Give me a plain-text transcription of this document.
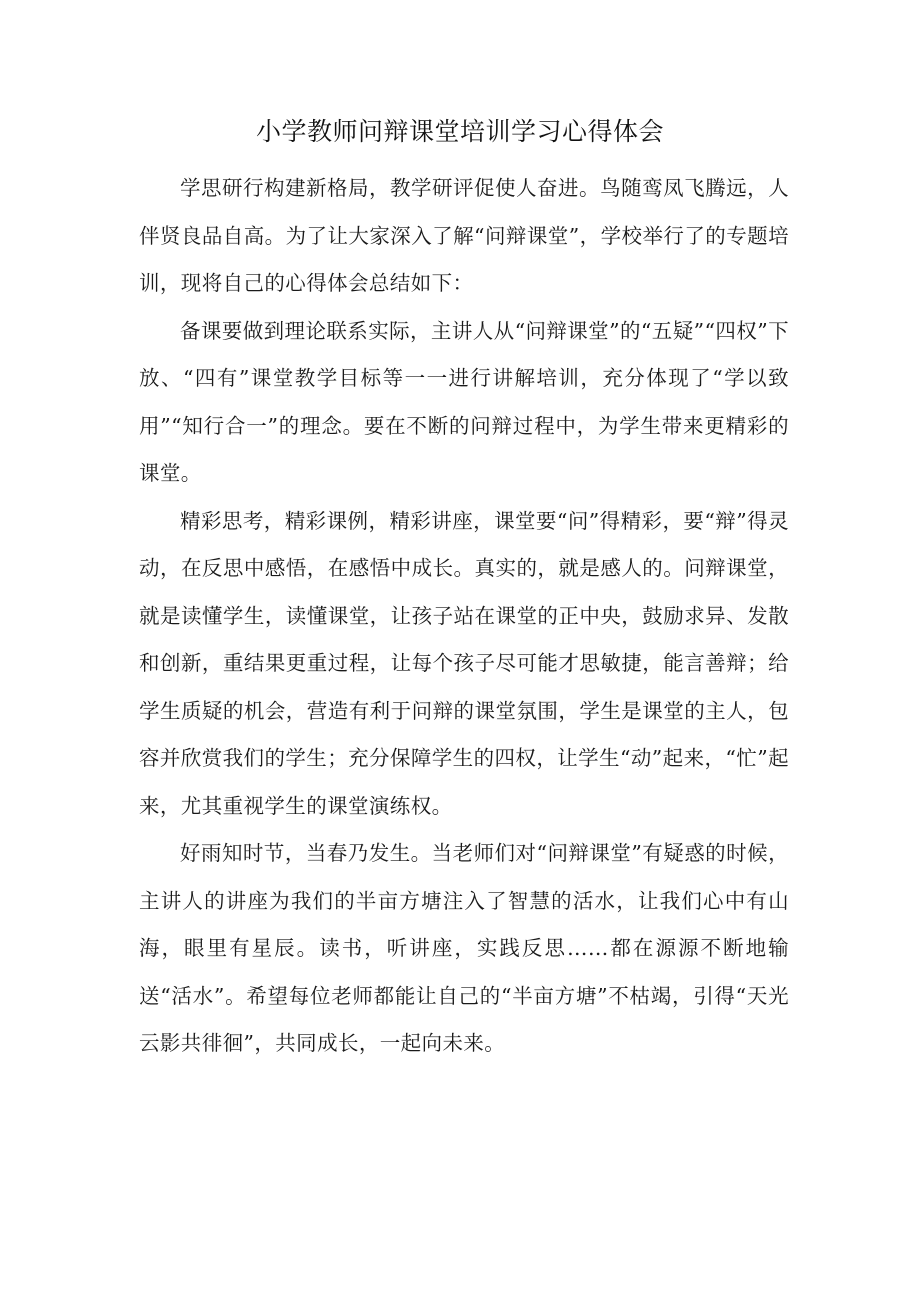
小学教师问辩课堂培训学习心得体会

学思研行构建新格局，教学研评促使人奋进。鸟随鸾凤飞腾远，人伴贤良品自高。为了让大家深入了解“问辩课堂”，学校举行了的专题培训，现将自己的心得体会总结如下：

备课要做到理论联系实际，主讲人从“问辩课堂”的“五疑”“四权”下放、“四有”课堂教学目标等一一进行讲解培训，充分体现了“学以致用”“知行合一”的理念。要在不断的问辩过程中，为学生带来更精彩的课堂。

精彩思考，精彩课例，精彩讲座，课堂要“问”得精彩，要“辩”得灵动，在反思中感悟，在感悟中成长。真实的，就是感人的。问辩课堂，就是读懂学生，读懂课堂，让孩子站在课堂的正中央，鼓励求异、发散和创新，重结果更重过程，让每个孩子尽可能才思敏捷，能言善辩；给学生质疑的机会，营造有利于问辩的课堂氛围，学生是课堂的主人，包容并欣赏我们的学生；充分保障学生的四权，让学生“动”起来，“忙”起来，尤其重视学生的课堂演练权。

好雨知时节，当春乃发生。当老师们对“问辩课堂”有疑惑的时候，主讲人的讲座为我们的半亩方塘注入了智慧的活水，让我们心中有山海，眼里有星辰。读书，听讲座，实践反思……都在源源不断地输送“活水”。希望每位老师都能让自己的“半亩方塘”不枯竭，引得“天光云影共徘徊”，共同成长，一起向未来。
